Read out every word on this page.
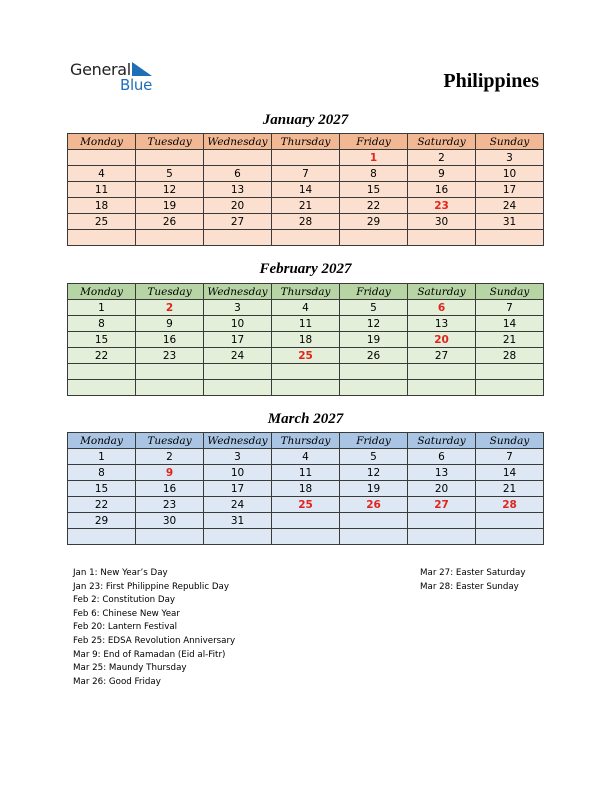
General
Blue	Philippines
January 2027
Monday	Tuesday	Wednesday	Thursday	Friday	Saturday	Sunday
				1	2	3
4	5	6	7	8	9	10
11	12	13	14	15	16	17
18	19	20	21	22	23	24
25	26	27	28	29	30	31

February 2027
Monday	Tuesday	Wednesday	Thursday	Friday	Saturday	Sunday
1	2	3	4	5	6	7
8	9	10	11	12	13	14
15	16	17	18	19	20	21
22	23	24	25	26	27	28

March 2027
Monday	Tuesday	Wednesday	Thursday	Friday	Saturday	Sunday
1	2	3	4	5	6	7
8	9	10	11	12	13	14
15	16	17	18	19	20	21
22	23	24	25	26	27	28
29	30	31				

Jan 1: New Year’s Day
Jan 23: First Philippine Republic Day
Feb 2: Constitution Day
Feb 6: Chinese New Year
Feb 20: Lantern Festival
Feb 25: EDSA Revolution Anniversary
Mar 9: End of Ramadan (Eid al-Fitr)
Mar 25: Maundy Thursday
Mar 26: Good Friday
Mar 27: Easter Saturday
Mar 28: Easter Sunday
